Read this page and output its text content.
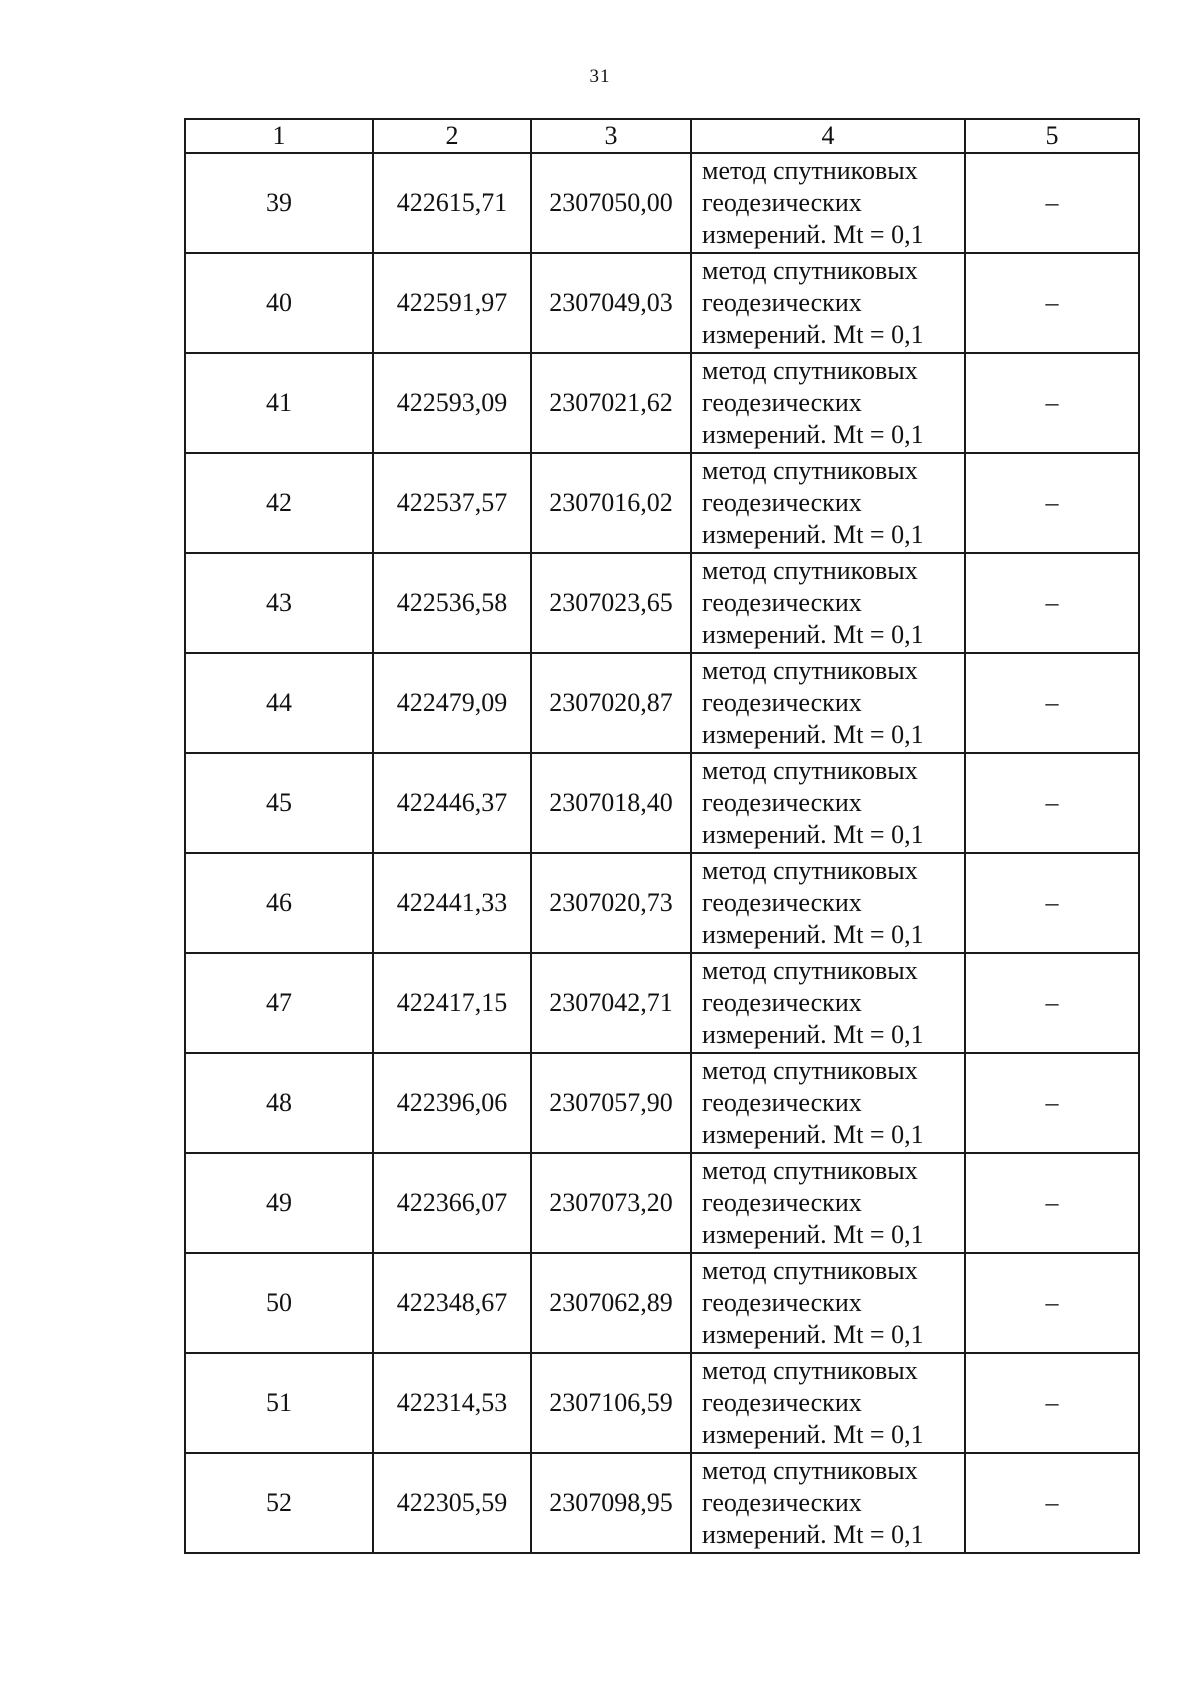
31
1	2	3	4	5
39	422615,71	2307050,00	метод спутниковых
геодезических
измерений. Mt = 0,1	–
40	422591,97	2307049,03	метод спутниковых
геодезических
измерений. Mt = 0,1	–
41	422593,09	2307021,62	метод спутниковых
геодезических
измерений. Mt = 0,1	–
42	422537,57	2307016,02	метод спутниковых
геодезических
измерений. Mt = 0,1	–
43	422536,58	2307023,65	метод спутниковых
геодезических
измерений. Mt = 0,1	–
44	422479,09	2307020,87	метод спутниковых
геодезических
измерений. Mt = 0,1	–
45	422446,37	2307018,40	метод спутниковых
геодезических
измерений. Mt = 0,1	–
46	422441,33	2307020,73	метод спутниковых
геодезических
измерений. Mt = 0,1	–
47	422417,15	2307042,71	метод спутниковых
геодезических
измерений. Mt = 0,1	–
48	422396,06	2307057,90	метод спутниковых
геодезических
измерений. Mt = 0,1	–
49	422366,07	2307073,20	метод спутниковых
геодезических
измерений. Mt = 0,1	–
50	422348,67	2307062,89	метод спутниковых
геодезических
измерений. Mt = 0,1	–
51	422314,53	2307106,59	метод спутниковых
геодезических
измерений. Mt = 0,1	–
52	422305,59	2307098,95	метод спутниковых
геодезических
измерений. Mt = 0,1	–
